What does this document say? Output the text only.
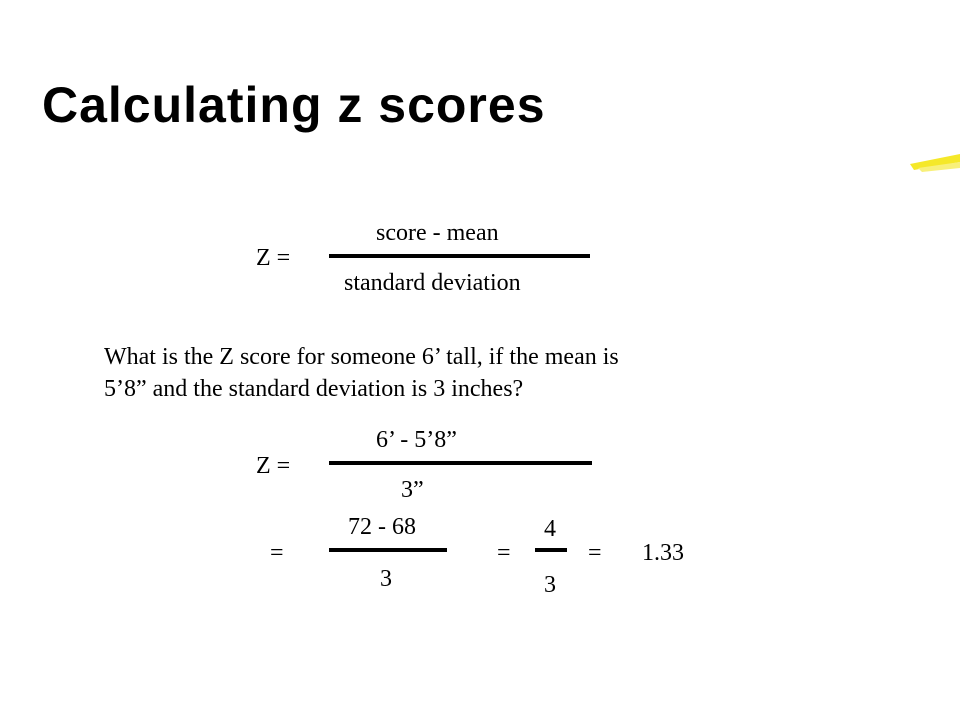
Calculating z scores
Z =
score - mean
standard deviation
What is the Z score for someone 6’ tall, if the mean is
5’8” and the standard deviation is 3 inches?
Z =
6’ - 5’8”
3”
=
72 - 68
3
=
4
3
= 1.33
